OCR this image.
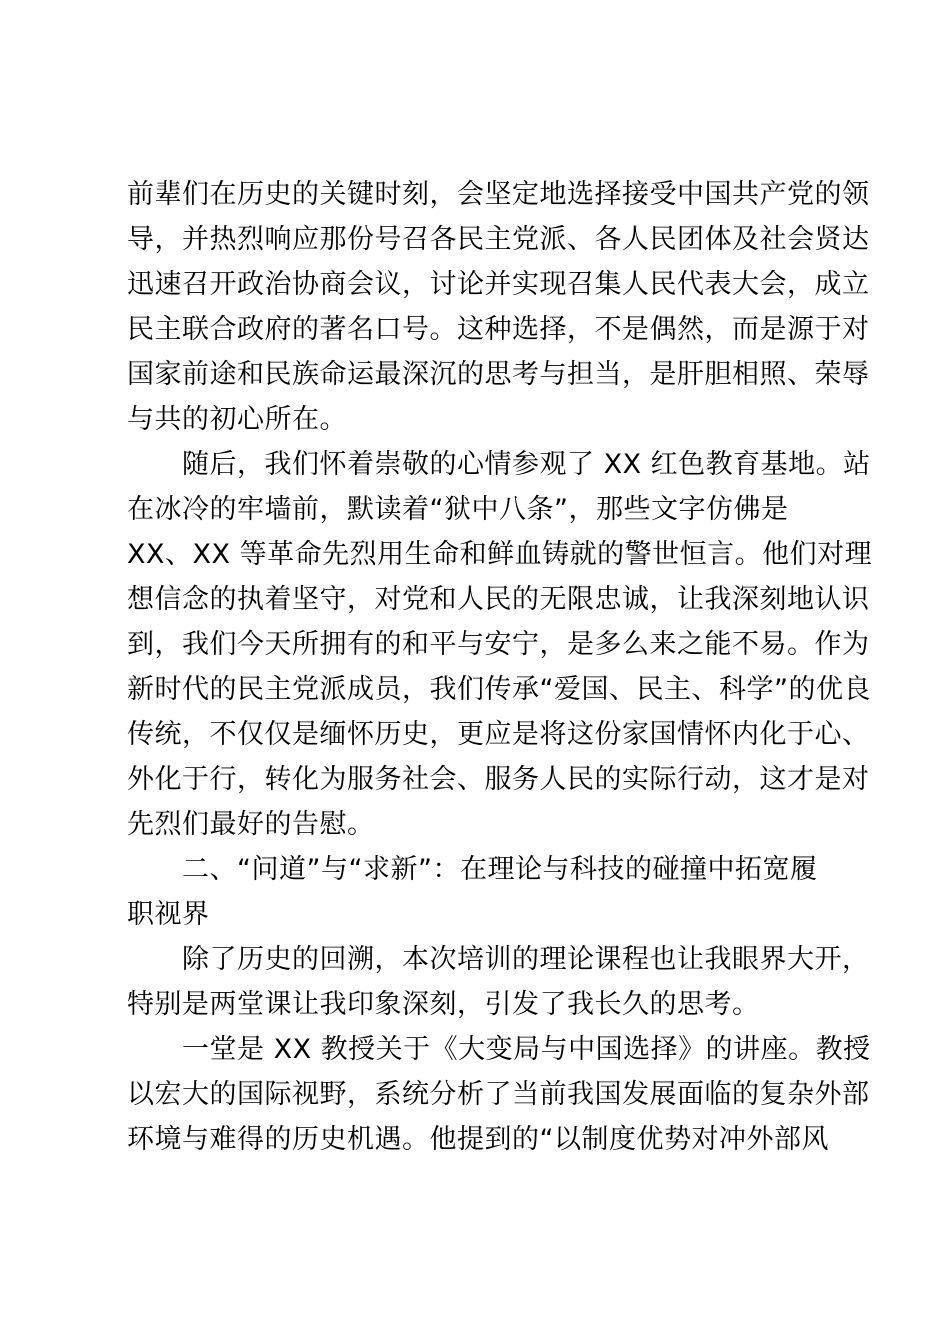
前辈们在历史的关键时刻，会坚定地选择接受中国共产党的领
导，并热烈响应那份号召各民主党派、各人民团体及社会贤达
迅速召开政治协商会议，讨论并实现召集人民代表大会，成立
民主联合政府的著名口号。这种选择，不是偶然，而是源于对
国家前途和民族命运最深沉的思考与担当，是肝胆相照、荣辱
与共的初心所在。
　　随后，我们怀着崇敬的心情参观了 XX 红色教育基地。站
在冰冷的牢墙前，默读着“狱中八条”，那些文字仿佛是
XX、XX 等革命先烈用生命和鲜血铸就的警世恒言。他们对理
想信念的执着坚守，对党和人民的无限忠诚，让我深刻地认识
到，我们今天所拥有的和平与安宁，是多么来之能不易。作为
新时代的民主党派成员，我们传承“爱国、民主、科学”的优良
传统，不仅仅是缅怀历史，更应是将这份家国情怀内化于心、
外化于行，转化为服务社会、服务人民的实际行动，这才是对
先烈们最好的告慰。
　　二、“问道”与“求新”：在理论与科技的碰撞中拓宽履
职视界
　　除了历史的回溯，本次培训的理论课程也让我眼界大开，
特别是两堂课让我印象深刻，引发了我长久的思考。
　　一堂是 XX 教授关于《大变局与中国选择》的讲座。教授
以宏大的国际视野，系统分析了当前我国发展面临的复杂外部
环境与难得的历史机遇。他提到的“以制度优势对冲外部风
